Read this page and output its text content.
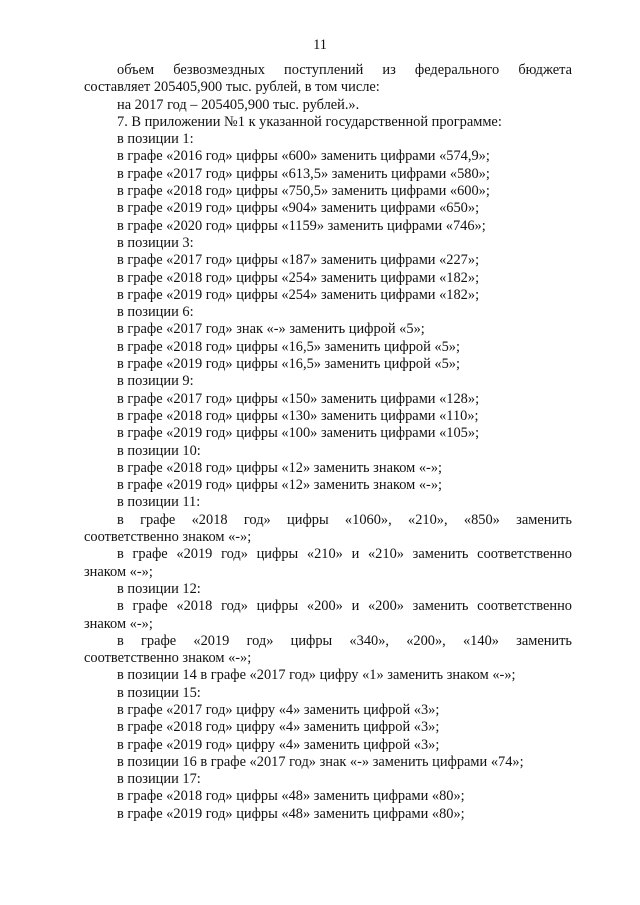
11
объем безвозмездных поступлений из федерального бюджета
составляет 205405,900 тыс. рублей, в том числе:
на 2017 год – 205405,900 тыс. рублей.».
7. В приложении №1 к указанной государственной программе:
в позиции 1:
в графе «2016 год» цифры «600» заменить цифрами «574,9»;
в графе «2017 год» цифры «613,5» заменить цифрами «580»;
в графе «2018 год» цифры «750,5» заменить цифрами «600»;
в графе «2019 год» цифры «904» заменить цифрами «650»;
в графе «2020 год» цифры «1159» заменить цифрами «746»;
в позиции 3:
в графе «2017 год» цифры «187» заменить цифрами «227»;
в графе «2018 год» цифры «254» заменить цифрами «182»;
в графе «2019 год» цифры «254» заменить цифрами «182»;
в позиции 6:
в графе «2017 год» знак «-» заменить цифрой «5»;
в графе «2018 год» цифры «16,5» заменить цифрой «5»;
в графе «2019 год» цифры «16,5» заменить цифрой «5»;
в позиции 9:
в графе «2017 год» цифры «150» заменить цифрами «128»;
в графе «2018 год» цифры «130» заменить цифрами «110»;
в графе «2019 год» цифры «100» заменить цифрами «105»;
в позиции 10:
в графе «2018 год» цифры «12» заменить знаком «-»;
в графе «2019 год» цифры «12» заменить знаком «-»;
в позиции 11:
в графе «2018 год» цифры «1060», «210», «850» заменить
соответственно знаком «-»;
в графе «2019 год» цифры «210» и «210» заменить соответственно
знаком «-»;
в позиции 12:
в графе «2018 год» цифры «200» и «200» заменить соответственно
знаком «-»;
в графе «2019 год» цифры «340», «200», «140» заменить
соответственно знаком «-»;
в позиции 14 в графе «2017 год» цифру «1» заменить знаком «-»;
в позиции 15:
в графе «2017 год» цифру «4» заменить цифрой «3»;
в графе «2018 год» цифру «4» заменить цифрой «3»;
в графе «2019 год» цифру «4» заменить цифрой «3»;
в позиции 16 в графе «2017 год» знак «-» заменить цифрами «74»;
в позиции 17:
в графе «2018 год» цифры «48» заменить цифрами «80»;
в графе «2019 год» цифры «48» заменить цифрами «80»;
